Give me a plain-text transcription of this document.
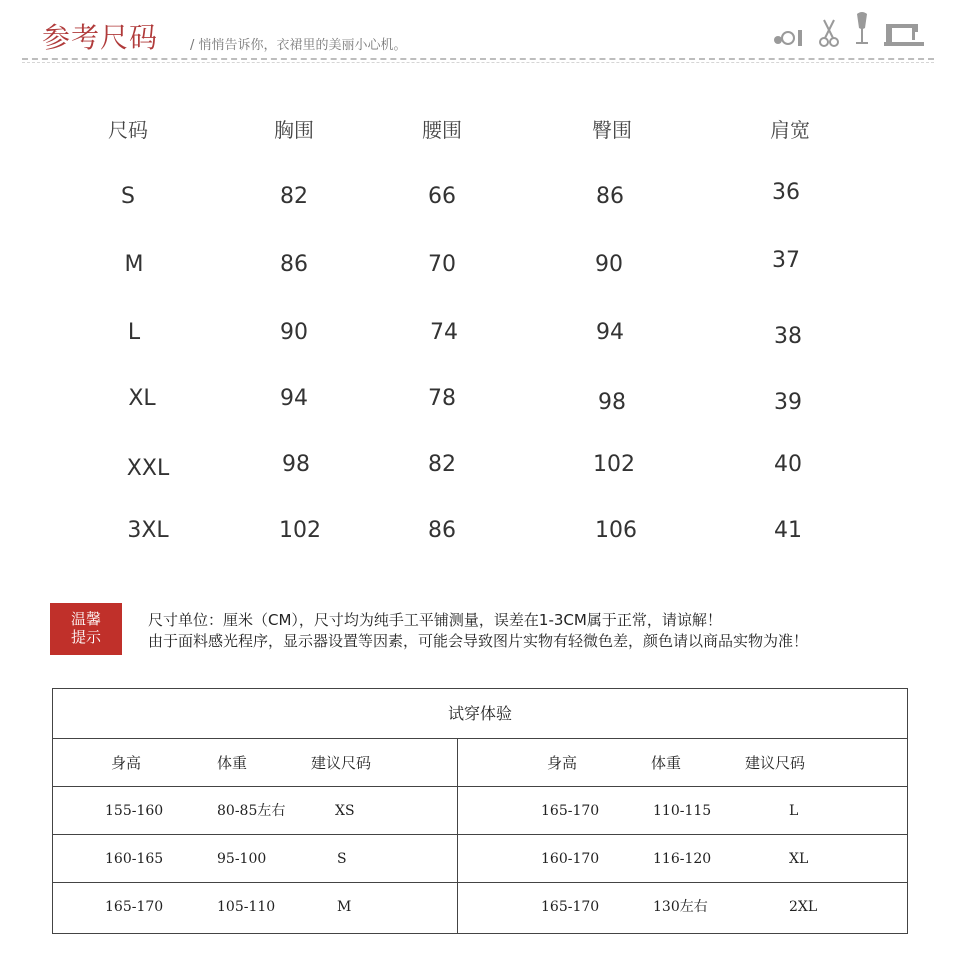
参考尺码 / 悄悄告诉你，衣裙里的美丽小心机。
尺码	胸围	腰围	臀围	肩宽
S	82	66	86	36
M	86	70	90	37
L	90	74	94	38
XL	94	78	98	39
XXL	98	82	102	40
3XL	102	86	106	41
温馨
提示
尺寸单位：厘米（CM），尺寸均为纯手工平铺测量，误差在1-3CM属于正常，请谅解！
由于面料感光程序，显示器设置等因素，可能会导致图片实物有轻微色差，颜色请以商品实物为准！
试穿体验
身高	体重	建议尺码	身高	体重	建议尺码
155-160	80-85左右	XS	165-170	110-115	L
160-165	95-100	S	160-170	116-120	XL
165-170	105-110	M	165-170	130左右	2XL
